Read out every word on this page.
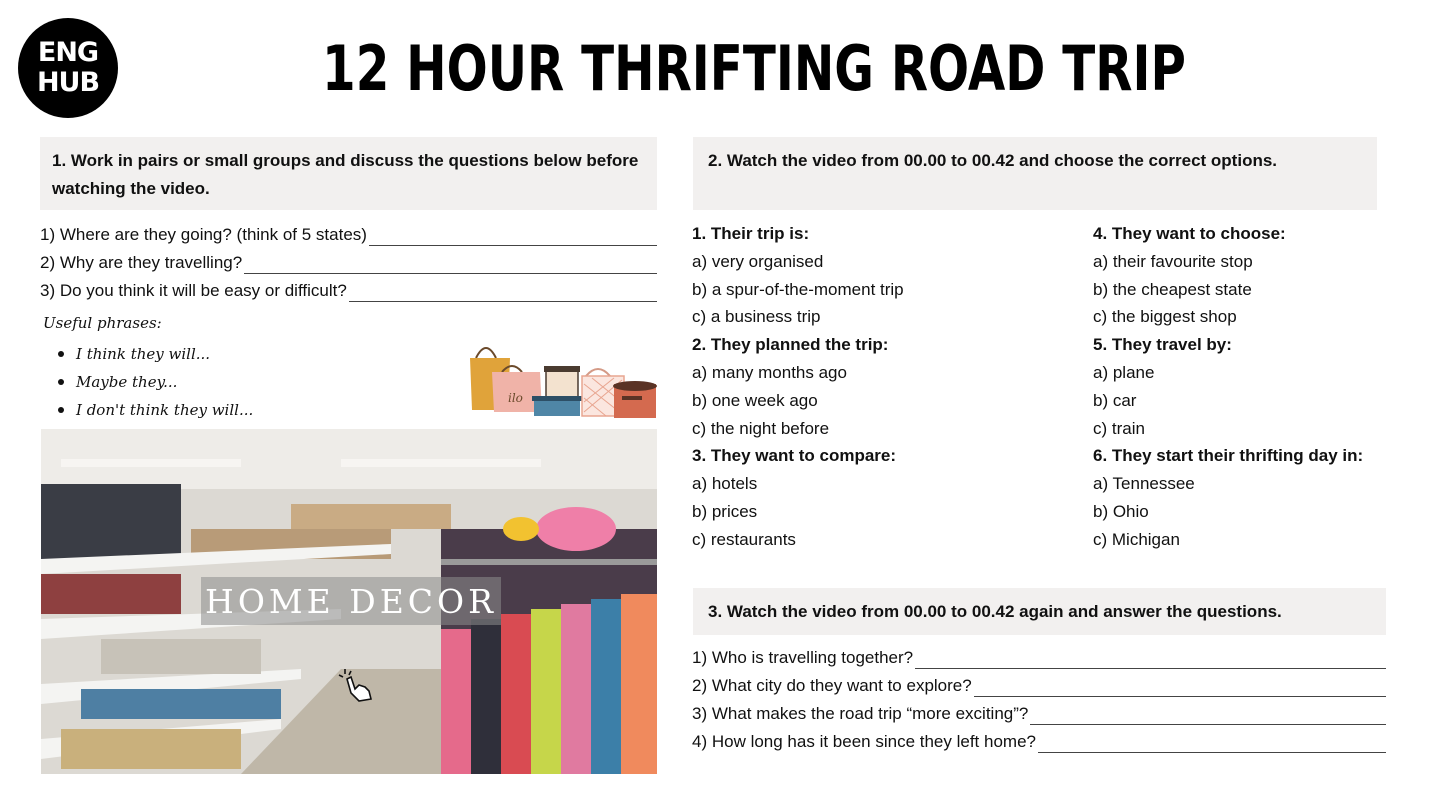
ENG
HUB	12 HOUR THRIFTING ROAD TRIP
1. Work in pairs or small groups and discuss the questions below before watching the video.
1) Where are they going? (think of 5 states)
2) Why are they travelling?
3) Do you think it will be easy or difficult?
Useful phrases:
I think they will...
Maybe they...
I don't think they will...
ilo
HOME DECOR
2. Watch the video from 00.00 to 00.42 and choose the correct options.
1. Their trip is:
a) very organised
b) a spur-of-the-moment trip
c) a business trip
2. They planned the trip:
a) many months ago
b) one week ago
c) the night before
3. They want to compare:
a) hotels
b) prices
c) restaurants
4. They want to choose:
a) their favourite stop
b) the cheapest state
c) the biggest shop
5. They travel by:
a) plane
b) car
c) train
6. They start their thrifting day in:
a) Tennessee
b) Ohio
c) Michigan
3. Watch the video from 00.00 to 00.42 again and answer the questions.
1) Who is travelling together?
2) What city do they want to explore?
3) What makes the road trip “more exciting”?
4) How long has it been since they left home?
